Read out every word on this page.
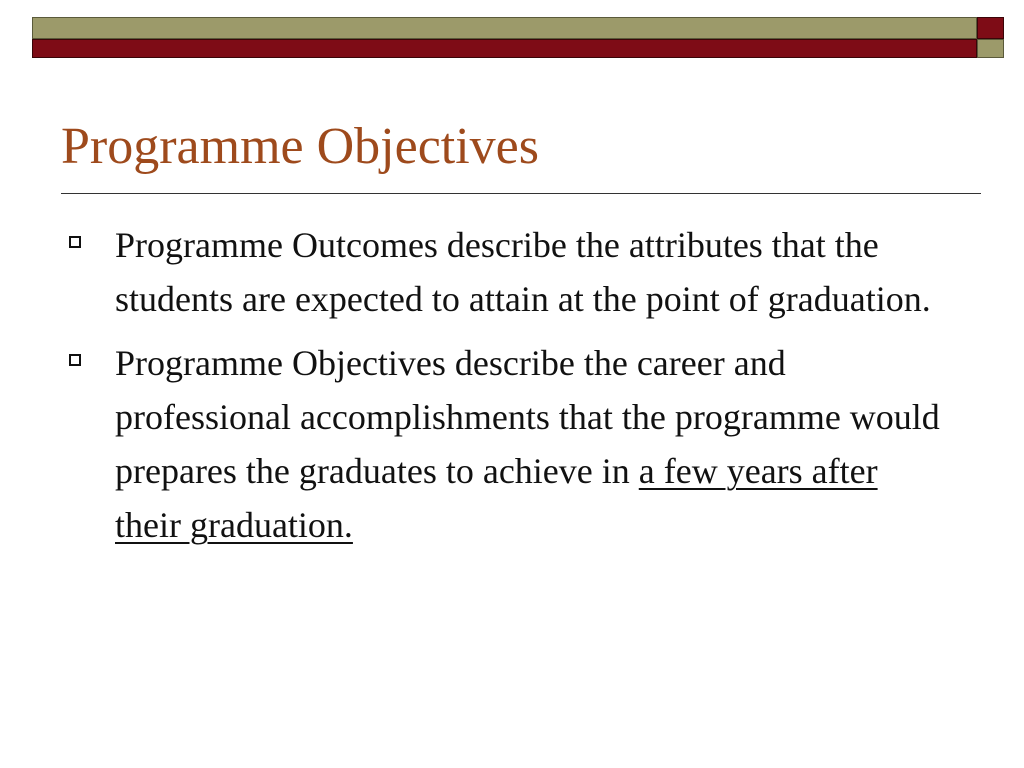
Programme Objectives
Programme Outcomes describe the attributes that the students are expected to attain at the point of graduation.
Programme Objectives describe the career and professional accomplishments that the programme would prepares the graduates to achieve in a few years after their graduation.
